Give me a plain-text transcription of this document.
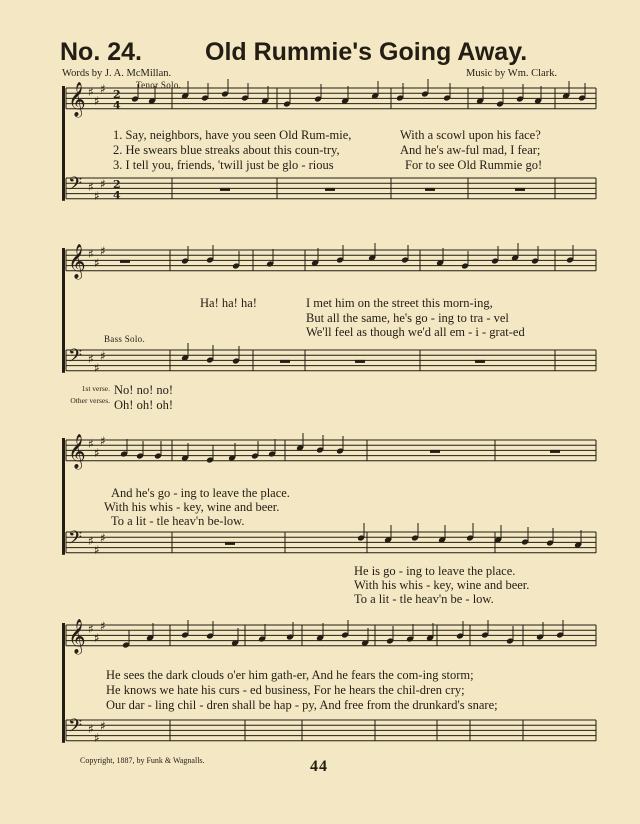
No. 24.	Old Rummie's Going Away.
Words by J. A. McMillan.	Music by Wm. Clark.
𝄞 ♯
♯
♯
𝄢 ♯
♯
♯
2
4
2
4
𝄞 ♯
♯
♯
𝄢 ♯
♯
♯
𝄞 ♯
♯
♯
𝄢 ♯
♯
♯
𝄞 ♯
♯
♯
𝄢 ♯
♯
♯
Tenor Solo.
Bass Solo.
1. Say, neighbors, have you seen Old Rum-mie,	With a scowl upon his face?
2. He swears blue streaks about this coun-try,	And he's aw-ful mad, I fear;
3. I tell you, friends, 'twill just be glo - rious	For to see Old Rummie go!
Ha! ha! ha!	I met him on the street this morn-ing,
But all the same, he's go - ing to tra - vel
We'll feel as though we'd all em - i - grat-ed
1st verse. No! no! no!
Other verses. Oh! oh! oh!
And he's go - ing to leave the place.
With his whis - key, wine and beer.
To a lit - tle heav'n be-low.
He is go - ing to leave the place.
With his whis - key, wine and beer.
To a lit - tle heav'n be - low.
He sees the dark clouds o'er him gath-er, And he fears the com-ing storm;
He knows we hate his curs - ed business, For he hears the chil-dren cry;
Our dar - ling chil - dren shall be hap - py, And free from the drunkard's snare;
Copyright, 1887, by Funk & Wagnalls.	44
